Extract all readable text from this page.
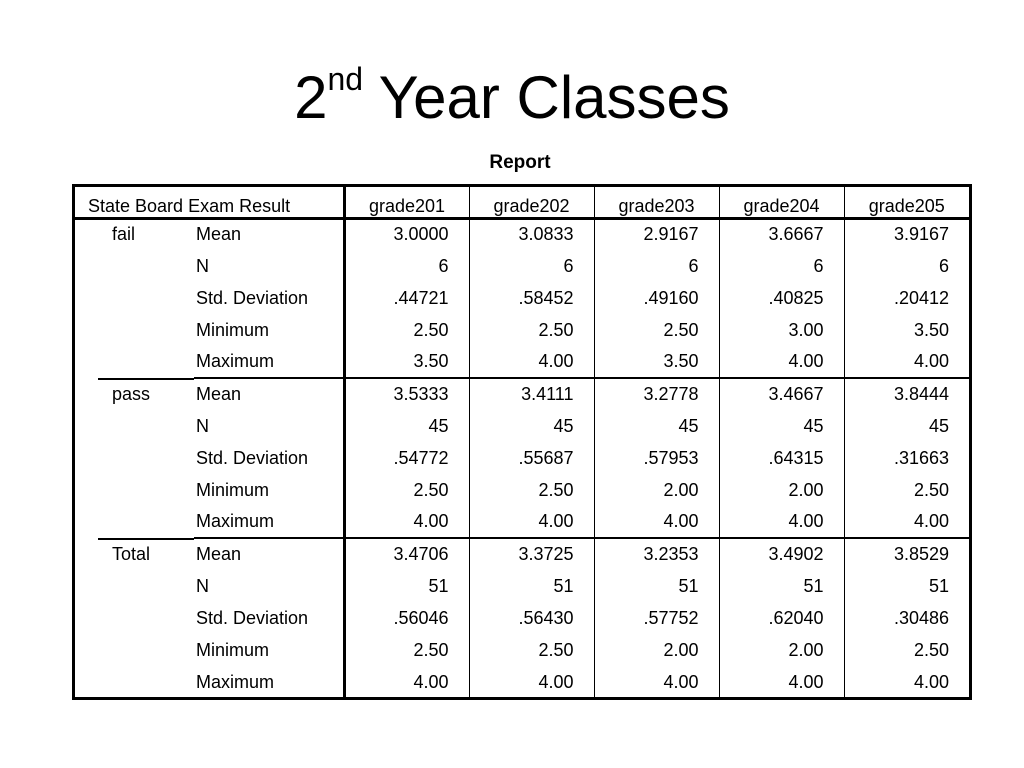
2nd Year Classes
Report
State Board Exam Result		grade201	grade202	grade203	grade204	grade205
fail	Mean	3.0000	3.0833	2.9167	3.6667	3.9167
	N	6	6	6	6	6
	Std. Deviation	.44721	.58452	.49160	.40825	.20412
	Minimum	2.50	2.50	2.50	3.00	3.50
	Maximum	3.50	4.00	3.50	4.00	4.00
pass	Mean	3.5333	3.4111	3.2778	3.4667	3.8444
	N	45	45	45	45	45
	Std. Deviation	.54772	.55687	.57953	.64315	.31663
	Minimum	2.50	2.50	2.00	2.00	2.50
	Maximum	4.00	4.00	4.00	4.00	4.00
Total	Mean	3.4706	3.3725	3.2353	3.4902	3.8529
	N	51	51	51	51	51
	Std. Deviation	.56046	.56430	.57752	.62040	.30486
	Minimum	2.50	2.50	2.00	2.00	2.50
	Maximum	4.00	4.00	4.00	4.00	4.00
